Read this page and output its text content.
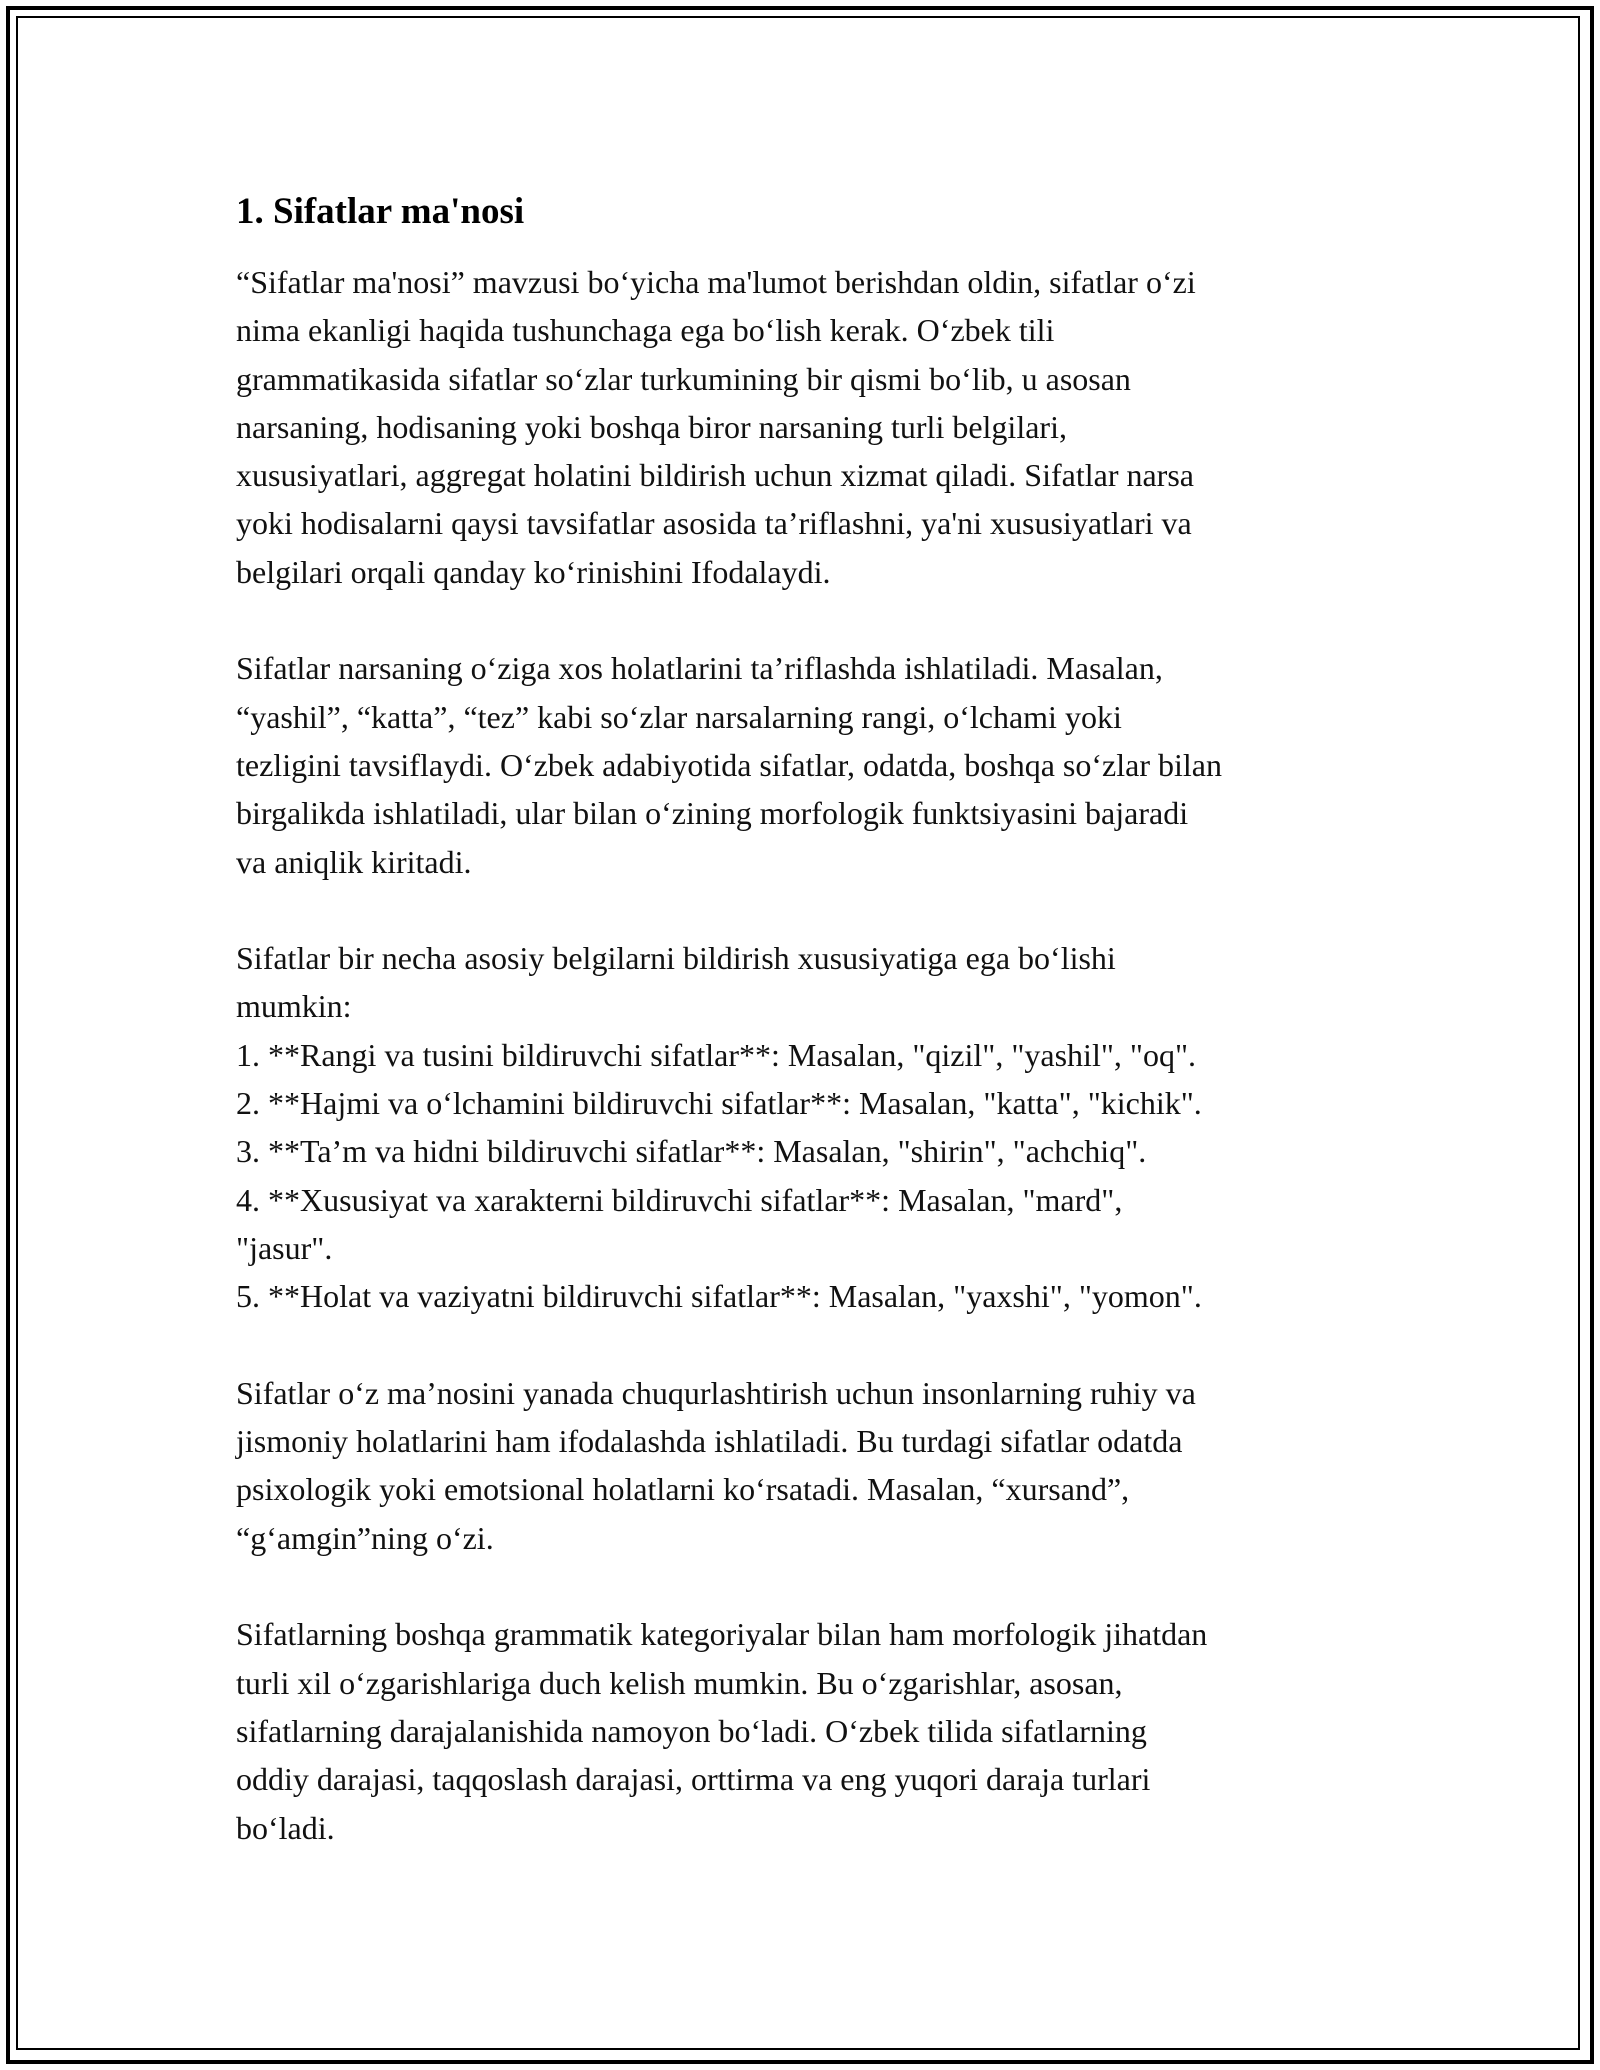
1. Sifatlar ma'nosi

“Sifatlar ma'nosi” mavzusi bo‘yicha ma'lumot berishdan oldin, sifatlar o‘zi
nima ekanligi haqida tushunchaga ega bo‘lish kerak. O‘zbek tili
grammatikasida sifatlar so‘zlar turkumining bir qismi bo‘lib, u asosan
narsaning, hodisaning yoki boshqa biror narsaning turli belgilari,
xususiyatlari, aggregat holatini bildirish uchun xizmat qiladi. Sifatlar narsa
yoki hodisalarni qaysi tavsifatlar asosida ta’riflashni, ya'ni xususiyatlari va
belgilari orqali qanday ko‘rinishini Ifodalaydi.

Sifatlar narsaning o‘ziga xos holatlarini ta’riflashda ishlatiladi. Masalan,
“yashil”, “katta”, “tez” kabi so‘zlar narsalarning rangi, o‘lchami yoki
tezligini tavsiflaydi. O‘zbek adabiyotida sifatlar, odatda, boshqa so‘zlar bilan
birgalikda ishlatiladi, ular bilan o‘zining morfologik funktsiyasini bajaradi
va aniqlik kiritadi.

Sifatlar bir necha asosiy belgilarni bildirish xususiyatiga ega bo‘lishi
mumkin:

1. **Rangi va tusini bildiruvchi sifatlar**: Masalan, "qizil", "yashil", "oq".
2. **Hajmi va o‘lchamini bildiruvchi sifatlar**: Masalan, "katta", "kichik".
3. **Ta’m va hidni bildiruvchi sifatlar**: Masalan, "shirin", "achchiq".
4. **Xususiyat va xarakterni bildiruvchi sifatlar**: Masalan, "mard",
"jasur".
5. **Holat va vaziyatni bildiruvchi sifatlar**: Masalan, "yaxshi", "yomon".

Sifatlar o‘z ma’nosini yanada chuqurlashtirish uchun insonlarning ruhiy va
jismoniy holatlarini ham ifodalashda ishlatiladi. Bu turdagi sifatlar odatda
psixologik yoki emotsional holatlarni ko‘rsatadi. Masalan, “xursand”,
“g‘amgin”ning o‘zi.

Sifatlarning boshqa grammatik kategoriyalar bilan ham morfologik jihatdan
turli xil o‘zgarishlariga duch kelish mumkin. Bu o‘zgarishlar, asosan,
sifatlarning darajalanishida namoyon bo‘ladi. O‘zbek tilida sifatlarning
oddiy darajasi, taqqoslash darajasi, orttirma va eng yuqori daraja turlari
bo‘ladi.
